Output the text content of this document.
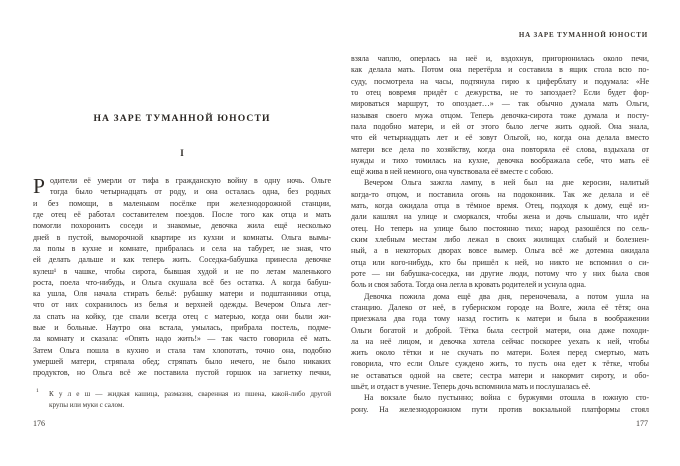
НА ЗАРЕ ТУМАННОЙ ЮНОСТИ
I
Р одители её умерли от тифа в гражданскую войну в одну ночь. Ольге
тогда было четырнадцать от роду, и она осталась одна, без родных
и без помощи, в маленьком посёлке при железнодорожной станции,
где отец её работал составителем поездов. После того как отца и мать
помогли похоронить соседи и знакомые, девочка жила ещё несколько
дней в пустой, выморочной квартире из кухни и комнаты. Ольга вымы-
ла полы в кухне и комнате, прибралась и села на табурет, не зная, что
ей делать дальше и как теперь жить. Соседка-бабушка принесла девочке
кулеш¹ в чашке, чтобы сирота, бывшая худой и не по летам маленького
роста, поела что-нибудь, и Ольга скушала всё без остатка. А когда бабуш-
ка ушла, Оля начала стирать бельё: рубашку матери и подштанники отца,
что от них сохранилось из белья и верхней одежды. Вечером Ольга лег-
ла спать на койку, где спали всегда отец с матерью, когда они были жи-
вые и больные. Наутро она встала, умылась, прибрала постель, подме-
ла комнату и сказала: «Опять надо жить!» — так часто говорила её мать.
Затем Ольга пошла в кухню и стала там хлопотать, точно она, подобно
умершей матери, стряпала обед; стряпать было нечего, не было никаких
продуктов, но Ольга всё же поставила пустой горшок на загнетку печки,
1 К у л е ш — жидкая кашица, размазня, сваренная из пшена, какой-либо другой
крупы или муки с салом.
176
НА ЗАРЕ ТУМАННОЙ ЮНОСТИ
взяла чаплю, оперлась на неё и, вздохнув, пригорюнилась около печи,
как делала мать. Потом она перетёрла и составила в ящик стола всю по-
суду, посмотрела на часы, подтянула гирю к циферблату и подумала: «Не
то отец вовремя придёт с дежурства, не то запоздает? Если будет фор-
мироваться маршрут, то опоздает…» — так обычно думала мать Ольги,
называя своего мужа отцом. Теперь девочка-сирота тоже думала и посту-
пала подобно матери, и ей от этого было легче жить одной. Она знала,
что ей четырнадцать лет и её зовут Ольгой, но, когда она делала вместо
матери все дела по хозяйству, когда она повторяла её слова, вздыхала от
нужды и тихо томилась на кухне, девочка воображала себе, что мать её
ещё жива в ней немного, она чувствовала её вместе с собою.
Вечером Ольга зажгла лампу, в ней был на дне керосин, налитый
когда-то отцом, и поставила огонь на подоконник. Так же делала и её
мать, когда ожидала отца в тёмное время. Отец, подходя к дому, ещё из-
дали кашлял на улице и сморкался, чтобы жена и дочь слышали, что идёт
отец. Но теперь на улице было постоянно тихо; народ разошёлся по сель-
ским хлебным местам либо лежал в своих жилищах слабый и болезнен-
ный, а в некоторых дворах вовсе вымер. Ольга всё же дотемна ожидала
отца или кого-нибудь, кто бы пришёл к ней, но никто не вспомнил о си-
роте — ни бабушка-соседка, ни другие люди, потому что у них была своя
боль и своя забота. Тогда она легла в кровать родителей и уснула одна.
Девочка пожила дома ещё два дня, переночевала, а потом ушла на
станцию. Далеко от неё, в губернском городе на Волге, жила её тётя; она
приезжала два года тому назад гостить к матери и была в воображении
Ольги богатой и доброй. Тётка была сестрой матери, она даже походи-
ла на неё лицом, и девочка хотела сейчас поскорее уехать к ней, чтобы
жить около тётки и не скучать по матери. Болея перед смертью, мать
говорила, что если Ольге суждено жить, то пусть она едет к тётке, чтобы
не оставаться одной на свете; сестра матери и накормит сироту, и обо-
шьёт, и отдаст в учение. Теперь дочь вспомнила мать и послушалась её.
На вокзале было пустынно; война с буржуями отошла в южную сто-
рону. На железнодорожном пути против вокзальной платформы стоял
177
